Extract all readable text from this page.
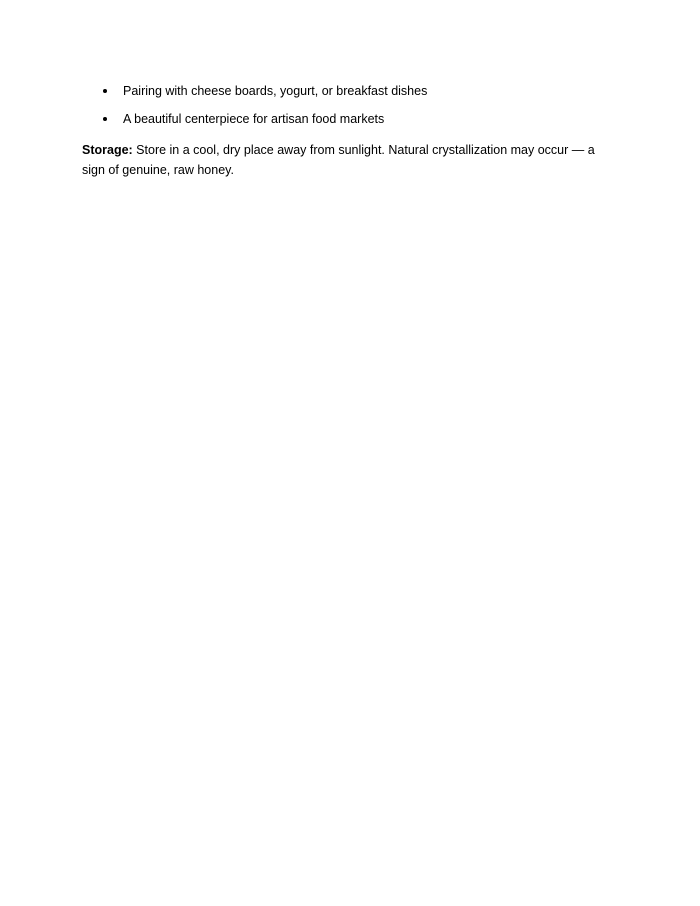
Pairing with cheese boards, yogurt, or breakfast dishes
A beautiful centerpiece for artisan food markets

Storage: Store in a cool, dry place away from sunlight. Natural crystallization may occur — a sign of genuine, raw honey.
